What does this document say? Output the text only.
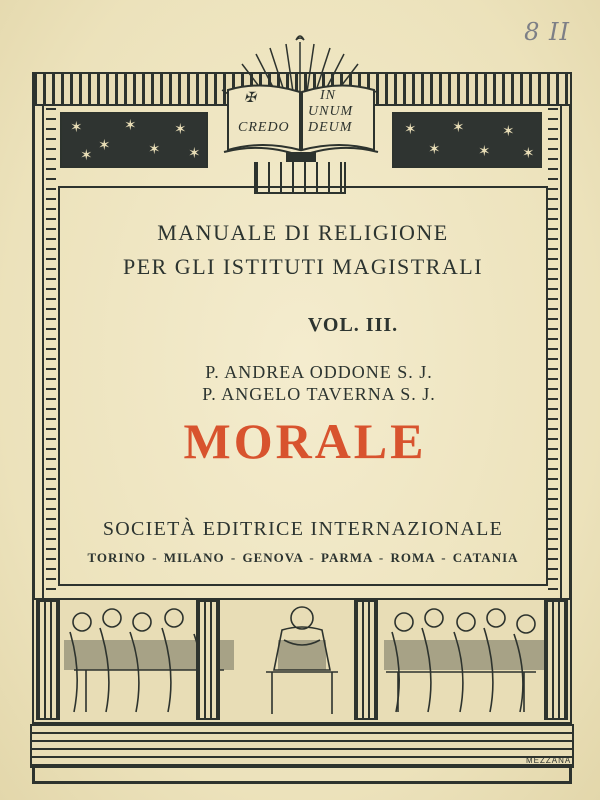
8 II
✶
✶
✶
✶
✶
✶
✶
✶
✶
✶
✶
✶
✶
✠	IN
UNUM
CREDO DEUM
MANUALE DI RELIGIONE
PER GLI ISTITUTI MAGISTRALI
VOL. III.
P. ANDREA ODDONE S. J.
P. ANGELO TAVERNA S. J.
MORALE
SOCIETÀ EDITRICE INTERNAZIONALE
TORINO - MILANO - GENOVA - PARMA - ROMA - CATANIA
MEZZANA
